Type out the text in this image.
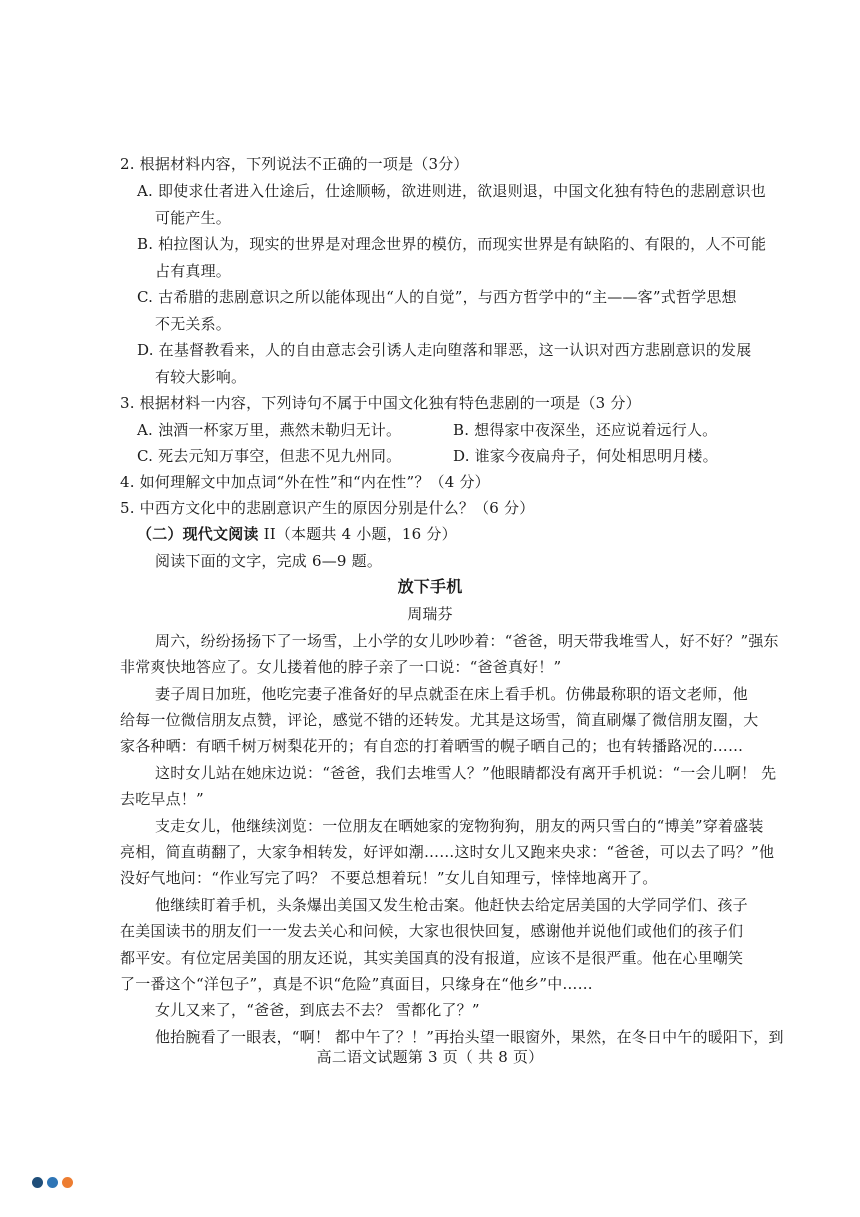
2. 根据材料内容，下列说法不正确的一项是（3分）
A. 即使求仕者进入仕途后，仕途顺畅，欲进则进，欲退则退，中国文化独有特色的悲剧意识也
可能产生。
B. 柏拉图认为，现实的世界是对理念世界的模仿，而现实世界是有缺陷的、有限的，人不可能
占有真理。
C. 古希腊的悲剧意识之所以能体现出“人的自觉”，与西方哲学中的“主——客”式哲学思想
不无关系。
D. 在基督教看来，人的自由意志会引诱人走向堕落和罪恶，这一认识对西方悲剧意识的发展
有较大影响。
3. 根据材料一内容，下列诗句不属于中国文化独有特色悲剧的一项是（3 分）
A. 浊酒一杯家万里，燕然未勒归无计。	B. 想得家中夜深坐，还应说着远行人。
C. 死去元知万事空，但悲不见九州同。	D. 谁家今夜扁舟子，何处相思明月楼。
4. 如何理解文中加点词“外在性”和“内在性”？（4 分）
5. 中西方文化中的悲剧意识产生的原因分别是什么？（6 分）
（二）现代文阅读 II（本题共 4 小题，16 分）
阅读下面的文字，完成 6—9 题。
放下手机
周瑞芬
周六，纷纷扬扬下了一场雪，上小学的女儿吵吵着：“爸爸，明天带我堆雪人，好不好？”强东
非常爽快地答应了。女儿搂着他的脖子亲了一口说：“爸爸真好！”
妻子周日加班，他吃完妻子准备好的早点就歪在床上看手机。仿佛最称职的语文老师，他
给每一位微信朋友点赞，评论，感觉不错的还转发。尤其是这场雪，简直刷爆了微信朋友圈，大
家各种晒：有晒千树万树梨花开的；有自恋的打着晒雪的幌子晒自己的；也有转播路况的……
这时女儿站在她床边说：“爸爸，我们去堆雪人？”他眼睛都没有离开手机说：“一会儿啊！ 先
去吃早点！”
支走女儿，他继续浏览：一位朋友在晒她家的宠物狗狗，朋友的两只雪白的“博美”穿着盛装
亮相，简直萌翻了，大家争相转发，好评如潮……这时女儿又跑来央求：“爸爸，可以去了吗？”他
没好气地问：“作业写完了吗？ 不要总想着玩！”女儿自知理亏，悻悻地离开了。
他继续盯着手机，头条爆出美国又发生枪击案。他赶快去给定居美国的大学同学们、孩子
在美国读书的朋友们一一发去关心和问候，大家也很快回复，感谢他并说他们或他们的孩子们
都平安。有位定居美国的朋友还说，其实美国真的没有报道，应该不是很严重。他在心里嘲笑
了一番这个“洋包子”，真是不识“危险”真面目，只缘身在“他乡”中……
女儿又来了，“爸爸，到底去不去？ 雪都化了？”
他抬腕看了一眼表，“啊！ 都中午了？！”再抬头望一眼窗外，果然，在冬日中午的暖阳下，到
高二语文试题第 3 页（ 共 8 页）
